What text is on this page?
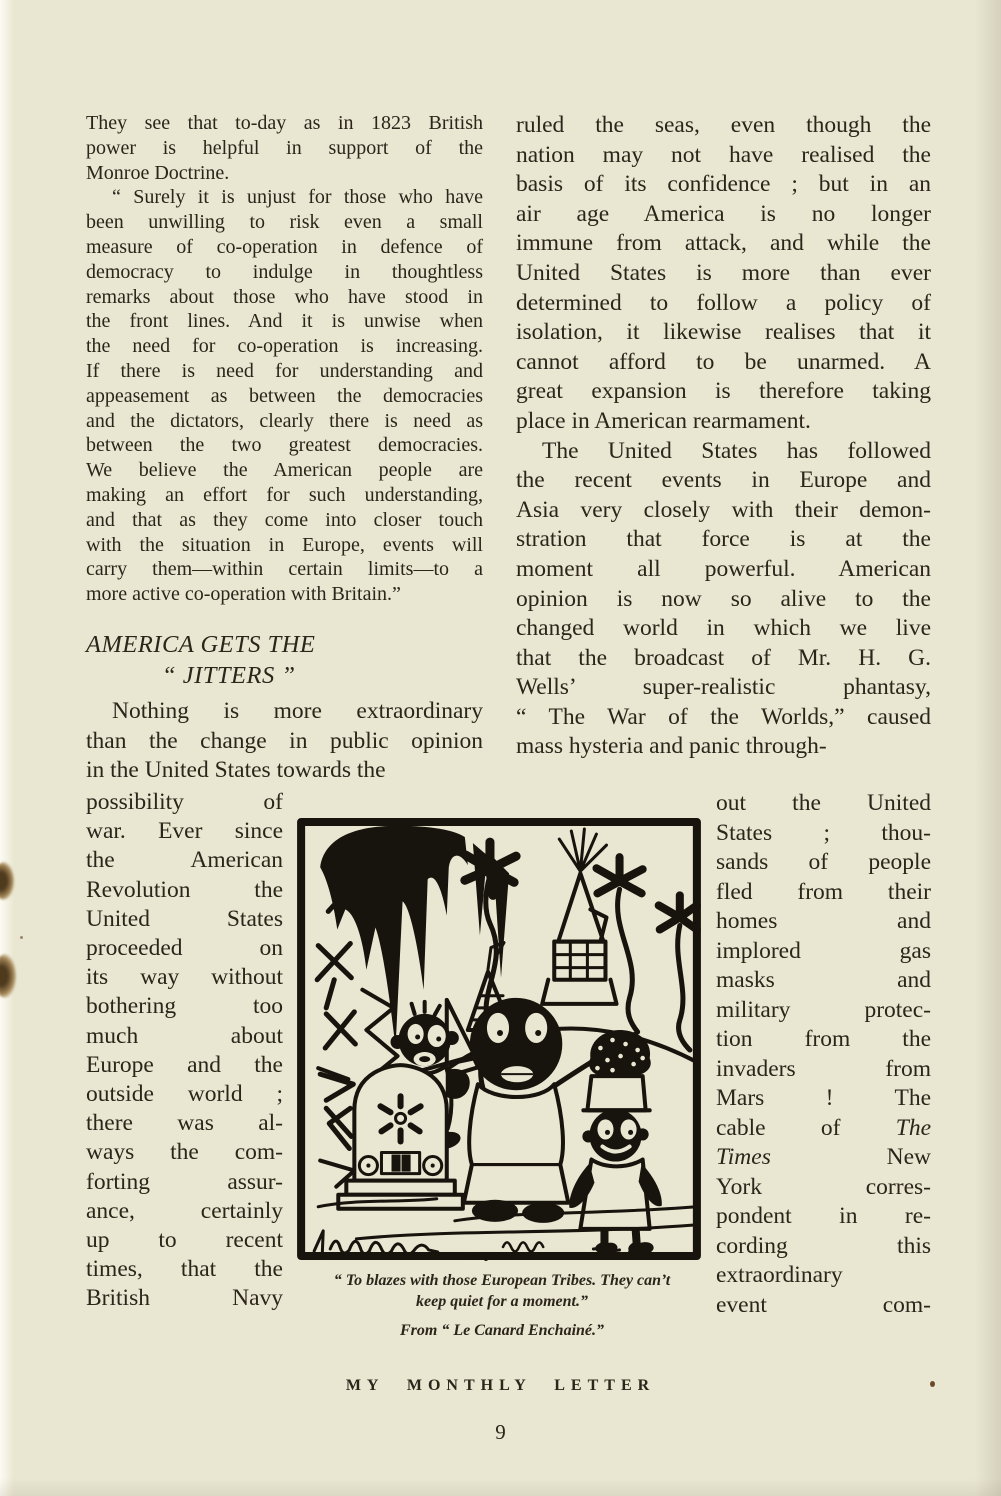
They see that to-day as in 1823 British
power is helpful in support of the
Monroe Doctrine.
“ Surely it is unjust for those who have
been unwilling to risk even a small
measure of co-operation in defence of
democracy to indulge in thoughtless
remarks about those who have stood in
the front lines. And it is unwise when
the need for co-operation is increasing.
If there is need for understanding and
appeasement as between the democracies
and the dictators, clearly there is need as
between the two greatest democracies.
We believe the American people are
making an effort for such understanding,
and that as they come into closer touch
with the situation in Europe, events will
carry them—within certain limits—to a
more active co-operation with Britain.”
AMERICA GETS THE
“ JITTERS ”
Nothing is more extraordinary
than the change in public opinion
in the United States towards the
possibility of
war. Ever since
the American
Revolution the
United States
proceeded on
its way without
bothering too
much about
Europe and the
outside world ;
there was al-
ways the com-
forting assur-
ance, certainly
up to recent
times, that the
British Navy
ruled the seas, even though the
nation may not have realised the
basis of its confidence ; but in an
air age America is no longer
immune from attack, and while the
United States is more than ever
determined to follow a policy of
isolation, it likewise realises that it
cannot afford to be unarmed. A
great expansion is therefore taking
place in American rearmament.
The United States has followed
the recent events in Europe and
Asia very closely with their demon-
stration that force is at the
moment all powerful. American
opinion is now so alive to the
changed world in which we live
that the broadcast of Mr. H. G.
Wells’ super-realistic phantasy,
“ The War of the Worlds,” caused
mass hysteria and panic through-
out the United
States ; thou-
sands of people
fled from their
homes and
implored gas
masks and
military protec-
tion from the
invaders from
Mars ! The
cable of The
Times New
York corres-
pondent in re-
cording this
extraordinary
event com-
“ To blazes with those European Tribes. They can’t
keep quiet for a moment.”
From “ Le Canard Enchainé.”
MY MONTHLY LETTER
9
